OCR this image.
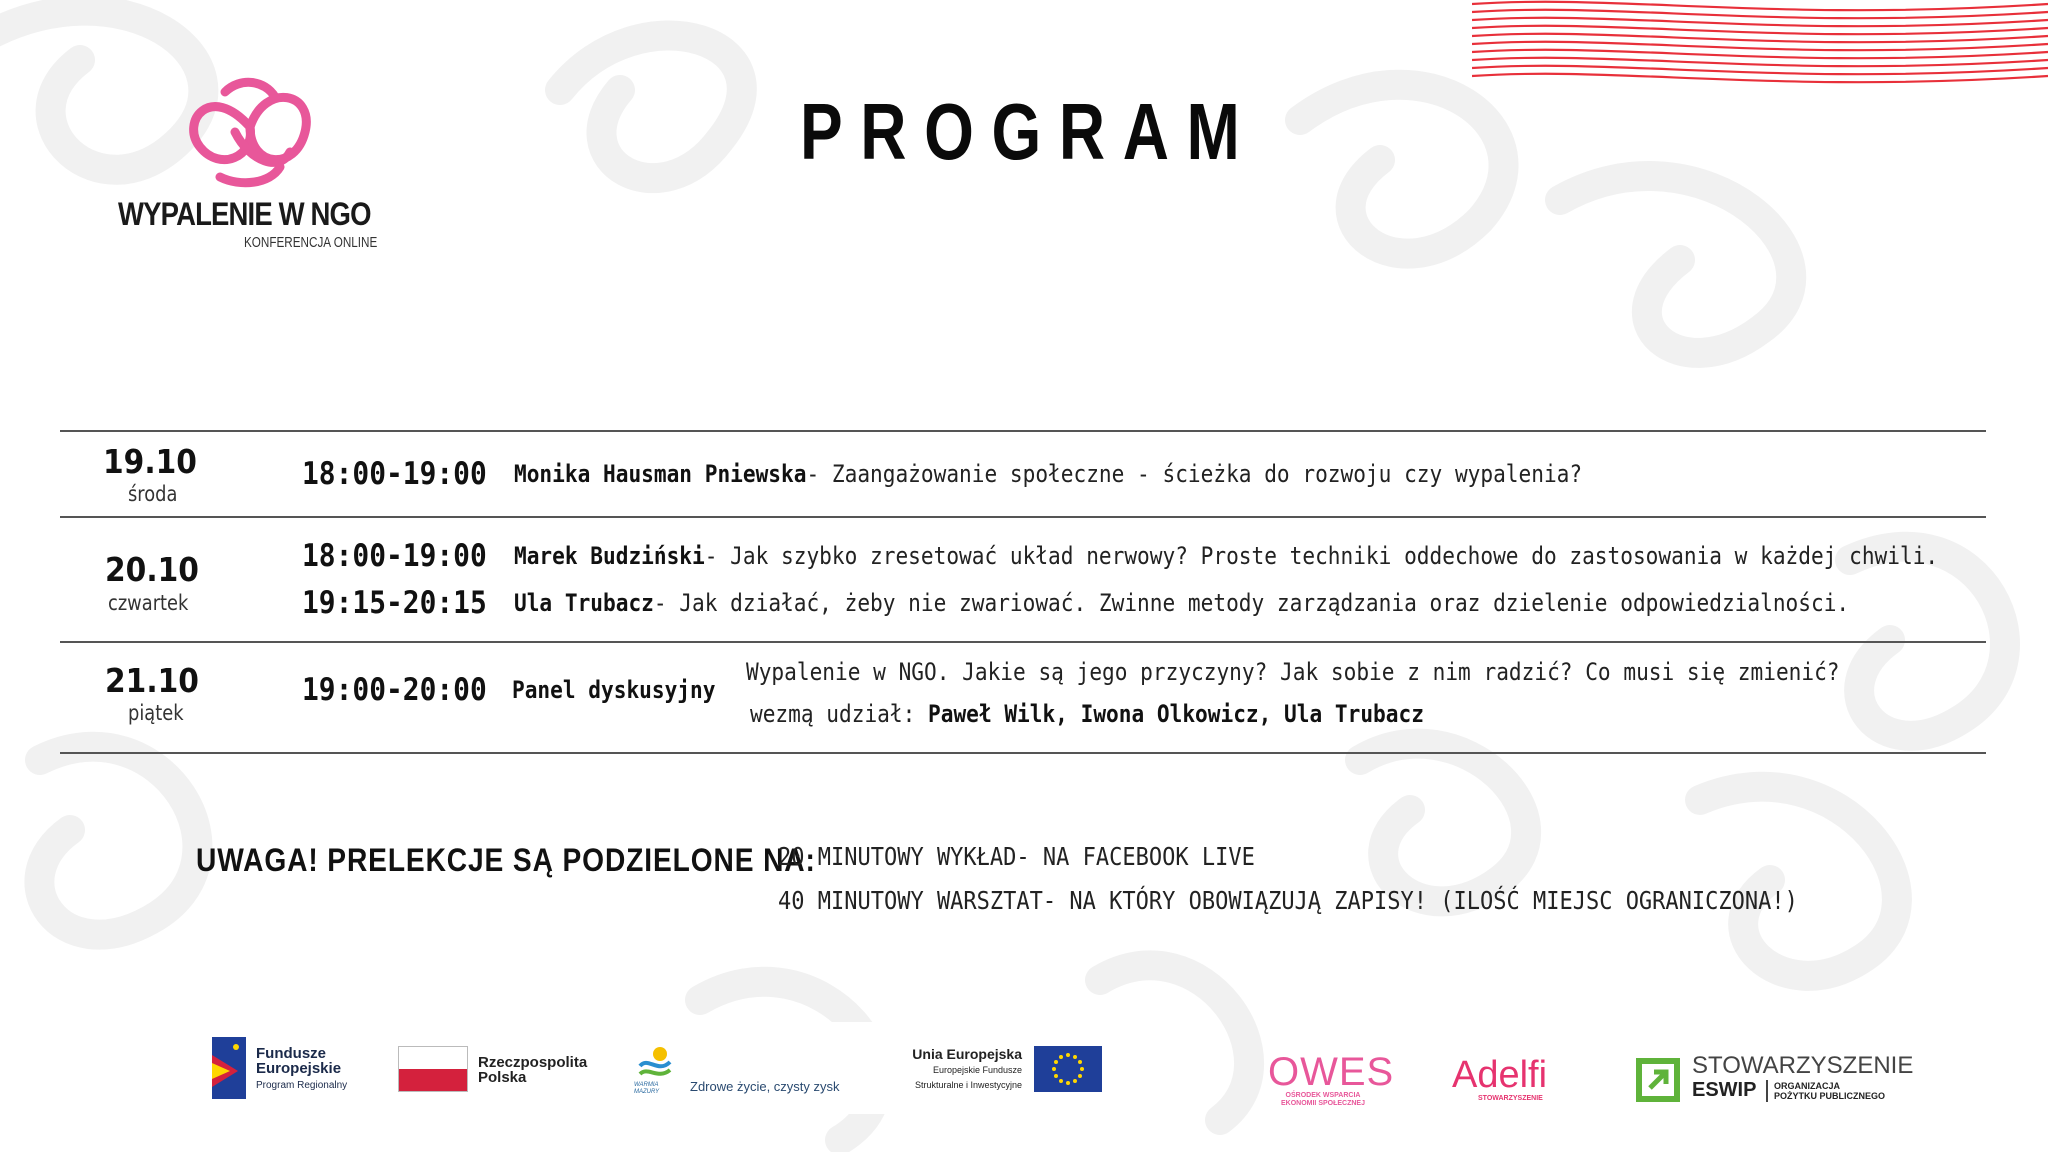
WYPALENIE W NGO
KONFERENCJA ONLINE
PROGRAM
19.10
środa
18:00-19:00 Monika Hausman Pniewska- Zaangażowanie społeczne - ścieżka do rozwoju czy wypalenia?
20.10
czwartek
18:00-19:00 Marek Budziński- Jak szybko zresetować układ nerwowy? Proste techniki oddechowe do zastosowania w każdej chwili.
19:15-20:15 Ula Trubacz- Jak działać, żeby nie zwariować. Zwinne metody zarządzania oraz dzielenie odpowiedzialności.
21.10
piątek
19:00-20:00 Panel dyskusyjny
Wypalenie w NGO. Jakie są jego przyczyny? Jak sobie z nim radzić? Co musi się zmienić?
wezmą udział: Paweł Wilk, Iwona Olkowicz, Ula Trubacz
UWAGA! PRELEKCJE SĄ PODZIELONE NA:
20 MINUTOWY WYKŁAD- NA FACEBOOK LIVE
40 MINUTOWY WARSZTAT- NA KTÓRY OBOWIĄZUJĄ ZAPISY! (ILOŚĆ MIEJSC OGRANICZONA!)
Fundusze
Europejskie
Program Regionalny
Rzeczpospolita
Polska	WARMIA
MAZURY Zdrowe życie, czysty zysk
Unia Europejska
Europejskie Fundusze
Strukturalne i Inwestycyjne	OWES
OŚRODEK WSPARCIA
EKONOMII SPOŁECZNEJ
Adelfi
STOWARZYSZENIE
STOWARZYSZENIE
ESWIP ORGANIZACJA
POŻYTKU PUBLICZNEGO
